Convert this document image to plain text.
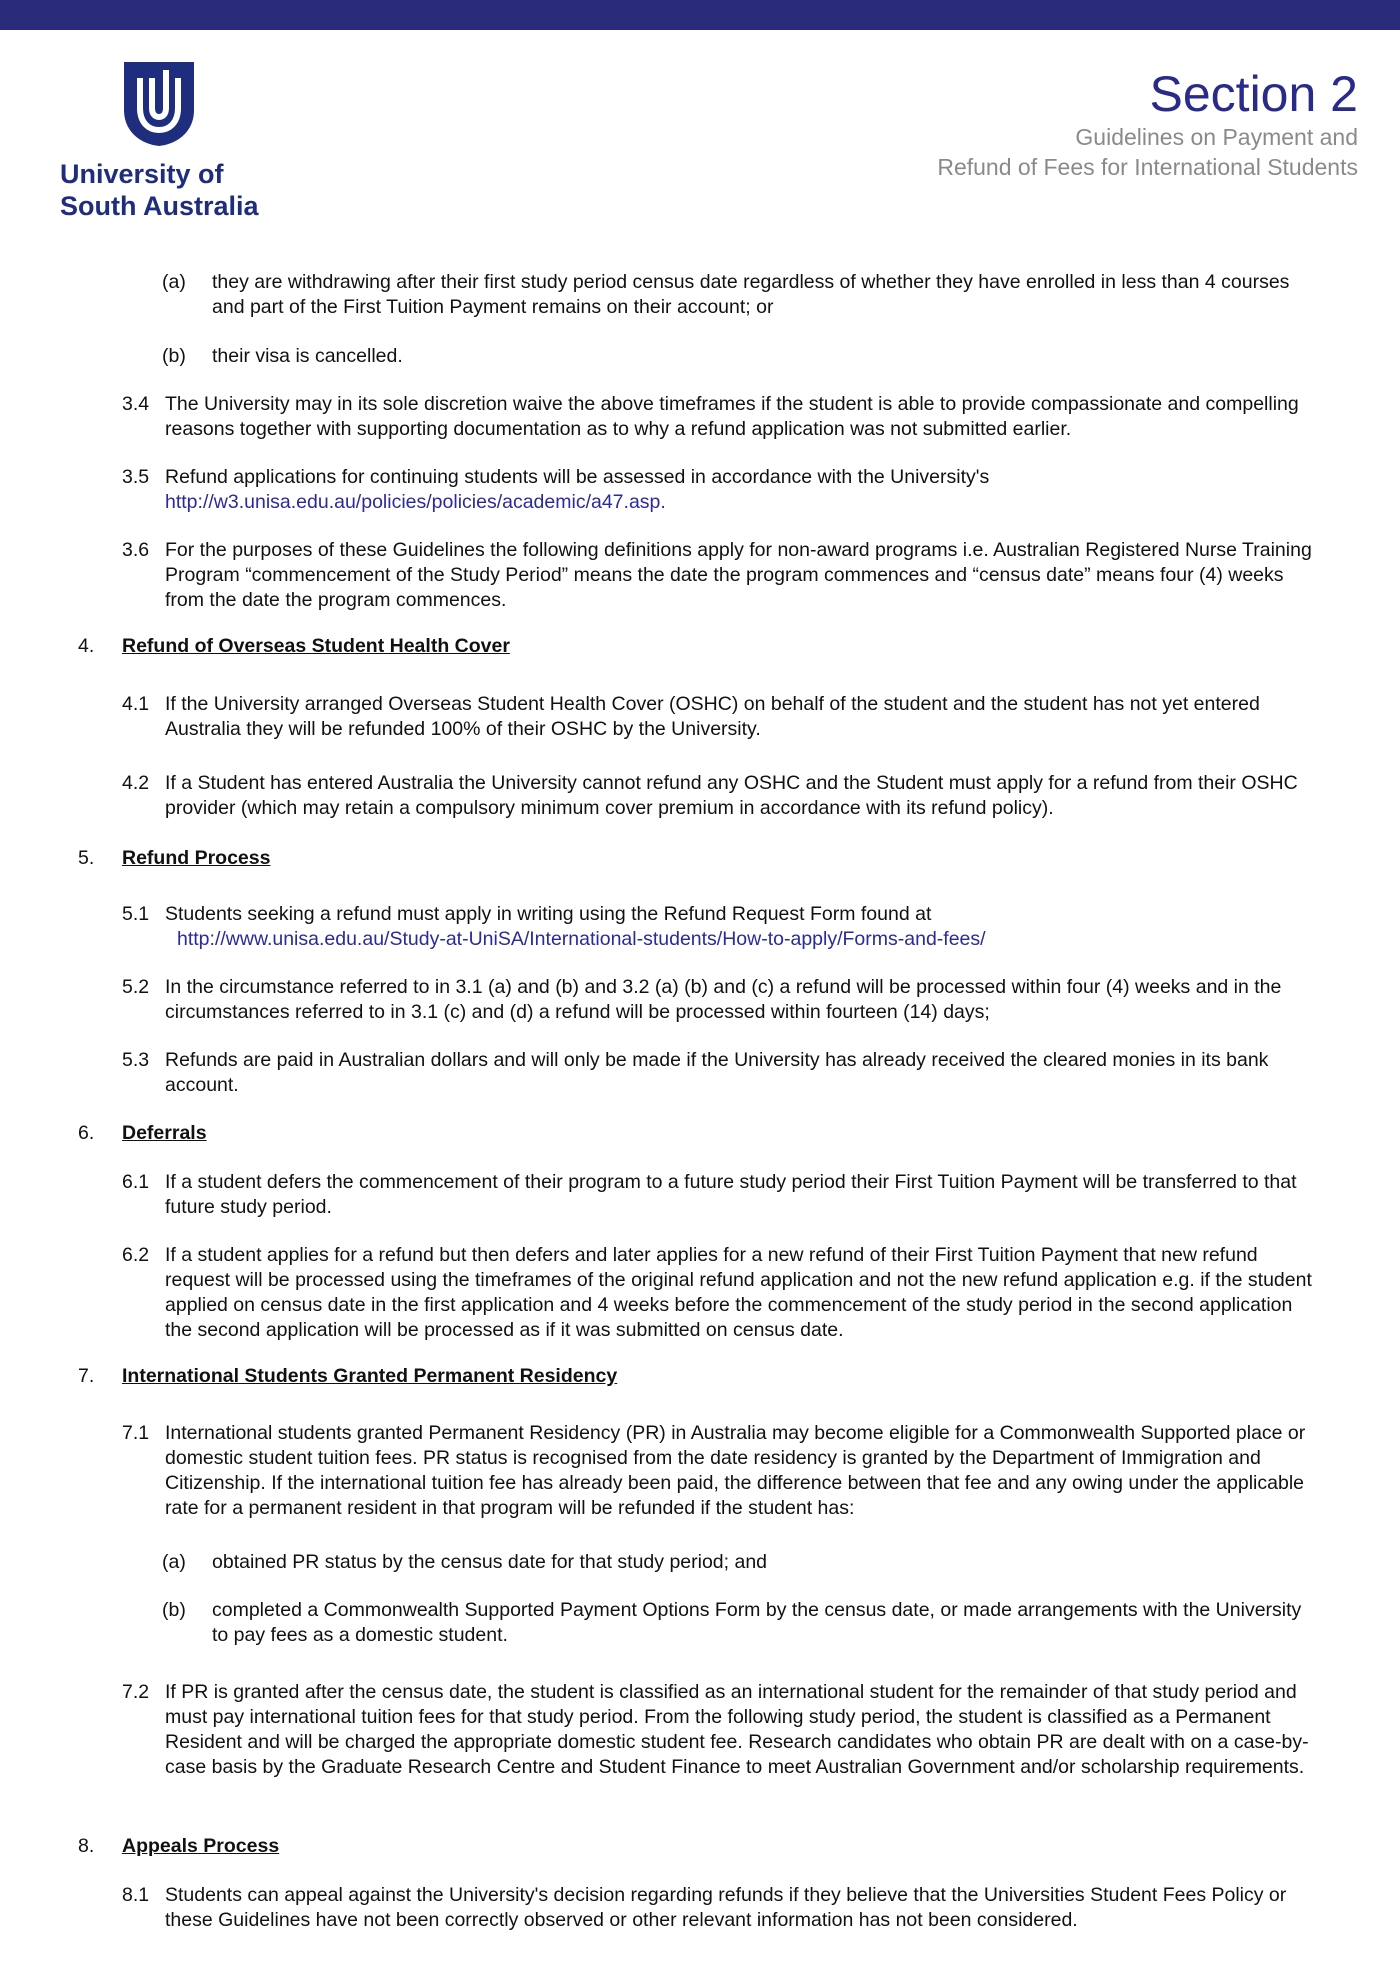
University of
South Australia
Section 2
Guidelines on Payment and
Refund of Fees for International Students
(a) they are withdrawing after their first study period census date regardless of whether they have enrolled in less than 4 courses and part of the First Tuition Payment remains on their account; or
(b) their visa is cancelled.
3.4 The University may in its sole discretion waive the above timeframes if the student is able to provide compassionate and compelling reasons together with supporting documentation as to why a refund application was not submitted earlier.
3.5 Refund applications for continuing students will be assessed in accordance with the University's
http://w3.unisa.edu.au/policies/policies/academic/a47.asp.
3.6 For the purposes of these Guidelines the following definitions apply for non-award programs i.e. Australian Registered Nurse Training Program “commencement of the Study Period” means the date the program commences and “census date” means four (4) weeks from the date the program commences.
4. Refund of Overseas Student Health Cover
4.1 If the University arranged Overseas Student Health Cover (OSHC) on behalf of the student and the student has not yet entered Australia they will be refunded 100% of their OSHC by the University.
4.2 If a Student has entered Australia the University cannot refund any OSHC and the Student must apply for a refund from their OSHC provider (which may retain a compulsory minimum cover premium in accordance with its refund policy).
5. Refund Process
5.1 Students seeking a refund must apply in writing using the Refund Request Form found at
http://www.unisa.edu.au/Study-at-UniSA/International-students/How-to-apply/Forms-and-fees/
5.2 In the circumstance referred to in 3.1 (a) and (b) and 3.2 (a) (b) and (c) a refund will be processed within four (4) weeks and in the circumstances referred to in 3.1 (c) and (d) a refund will be processed within fourteen (14) days;
5.3 Refunds are paid in Australian dollars and will only be made if the University has already received the cleared monies in its bank account.
6. Deferrals
6.1 If a student defers the commencement of their program to a future study period their First Tuition Payment will be transferred to that future study period.
6.2 If a student applies for a refund but then defers and later applies for a new refund of their First Tuition Payment that new refund request will be processed using the timeframes of the original refund application and not the new refund application e.g. if the student applied on census date in the first application and 4 weeks before the commencement of the study period in the second application the second application will be processed as if it was submitted on census date.
7. International Students Granted Permanent Residency
7.1 International students granted Permanent Residency (PR) in Australia may become eligible for a Commonwealth Supported place or domestic student tuition fees. PR status is recognised from the date residency is granted by the Department of Immigration and Citizenship. If the international tuition fee has already been paid, the difference between that fee and any owing under the applicable rate for a permanent resident in that program will be refunded if the student has:
(a) obtained PR status by the census date for that study period; and
(b) completed a Commonwealth Supported Payment Options Form by the census date, or made arrangements with the University to pay fees as a domestic student.
7.2 If PR is granted after the census date, the student is classified as an international student for the remainder of that study period and must pay international tuition fees for that study period. From the following study period, the student is classified as a Permanent Resident and will be charged the appropriate domestic student fee. Research candidates who obtain PR are dealt with on a case-by-case basis by the Graduate Research Centre and Student Finance to meet Australian Government and/or scholarship requirements.
8. Appeals Process
8.1 Students can appeal against the University's decision regarding refunds if they believe that the Universities Student Fees Policy or these Guidelines have not been correctly observed or other relevant information has not been considered.
